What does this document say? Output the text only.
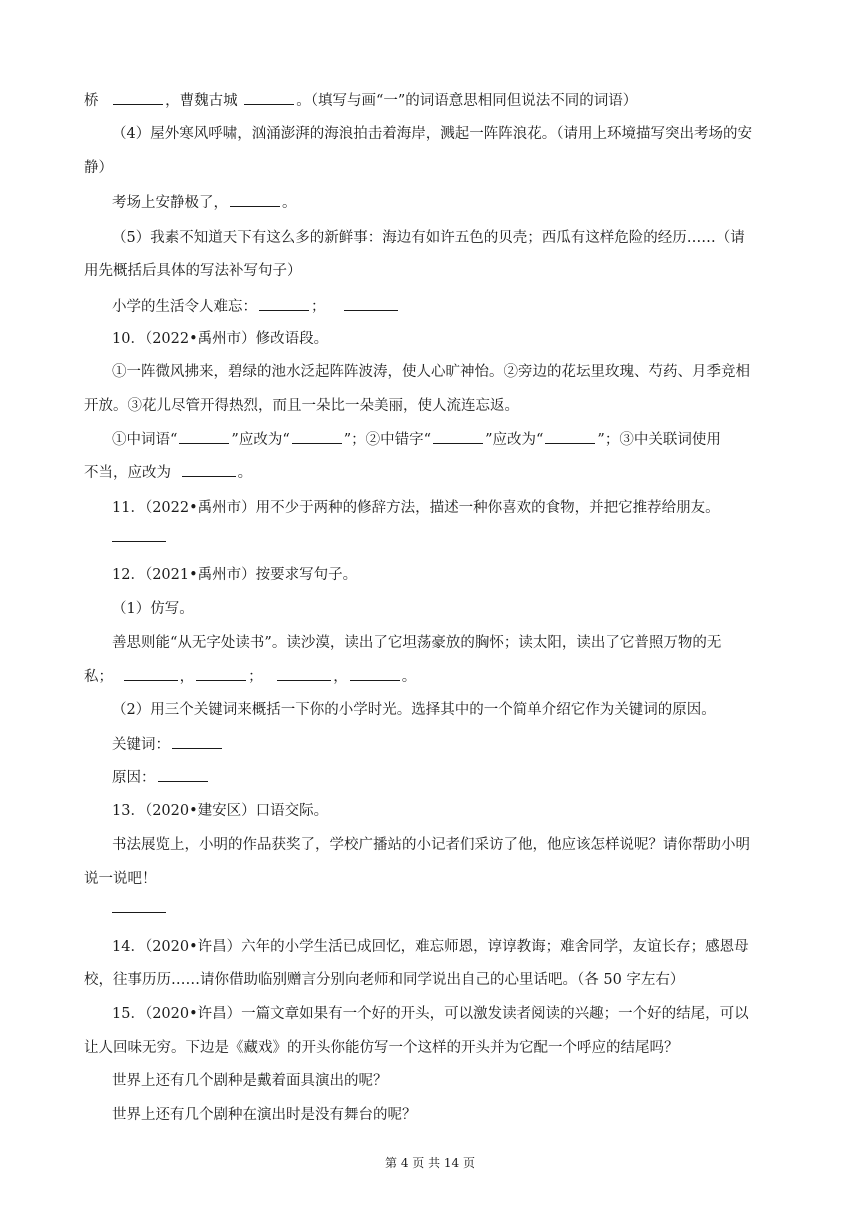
桥	，曹魏古城	。（填写与画“一”的词语意思相同但说法不同的词语）
（4）屋外寒风呼啸，汹涌澎湃的海浪拍击着海岸，溅起一阵阵浪花。（请用上环境描写突出考场的安
静）
考场上安静极了，	。
（5）我素不知道天下有这么多的新鲜事：海边有如许五色的贝壳；西瓜有这样危险的经历……（请
用先概括后具体的写法补写句子）
小学的生活令人难忘：	；
10．（2022•禹州市）修改语段。
①一阵微风拂来，碧绿的池水泛起阵阵波涛，使人心旷神怡。②旁边的花坛里玫瑰、芍药、月季竞相
开放。③花儿尽管开得热烈，而且一朵比一朵美丽，使人流连忘返。
①中词语“	”应改为“	”；②中错字“	”应改为“	”；③中关联词使用
不当，应改为	。
11．（2022•禹州市）用不少于两种的修辞方法，描述一种你喜欢的食物，并把它推荐给朋友。
12．（2021•禹州市）按要求写句子。
（1）仿写。
善思则能“从无字处读书”。读沙漠，读出了它坦荡豪放的胸怀；读太阳，读出了它普照万物的无
私；	，	；	，	。
（2）用三个关键词来概括一下你的小学时光。选择其中的一个简单介绍它作为关键词的原因。
关键词：
原因：
13．（2020•建安区）口语交际。
书法展览上，小明的作品获奖了，学校广播站的小记者们采访了他，他应该怎样说呢？请你帮助小明
说一说吧！
14．（2020•许昌）六年的小学生活已成回忆，难忘师恩，谆谆教诲；难舍同学，友谊长存；感恩母
校，往事历历……请你借助临别赠言分别向老师和同学说出自己的心里话吧。（各 50 字左右）
15．（2020•许昌）一篇文章如果有一个好的开头，可以激发读者阅读的兴趣；一个好的结尾，可以
让人回味无穷。下边是《藏戏》的开头你能仿写一个这样的开头并为它配一个呼应的结尾吗？
世界上还有几个剧种是戴着面具演出的呢？
世界上还有几个剧种在演出时是没有舞台的呢？
第 4 页 共 14 页
